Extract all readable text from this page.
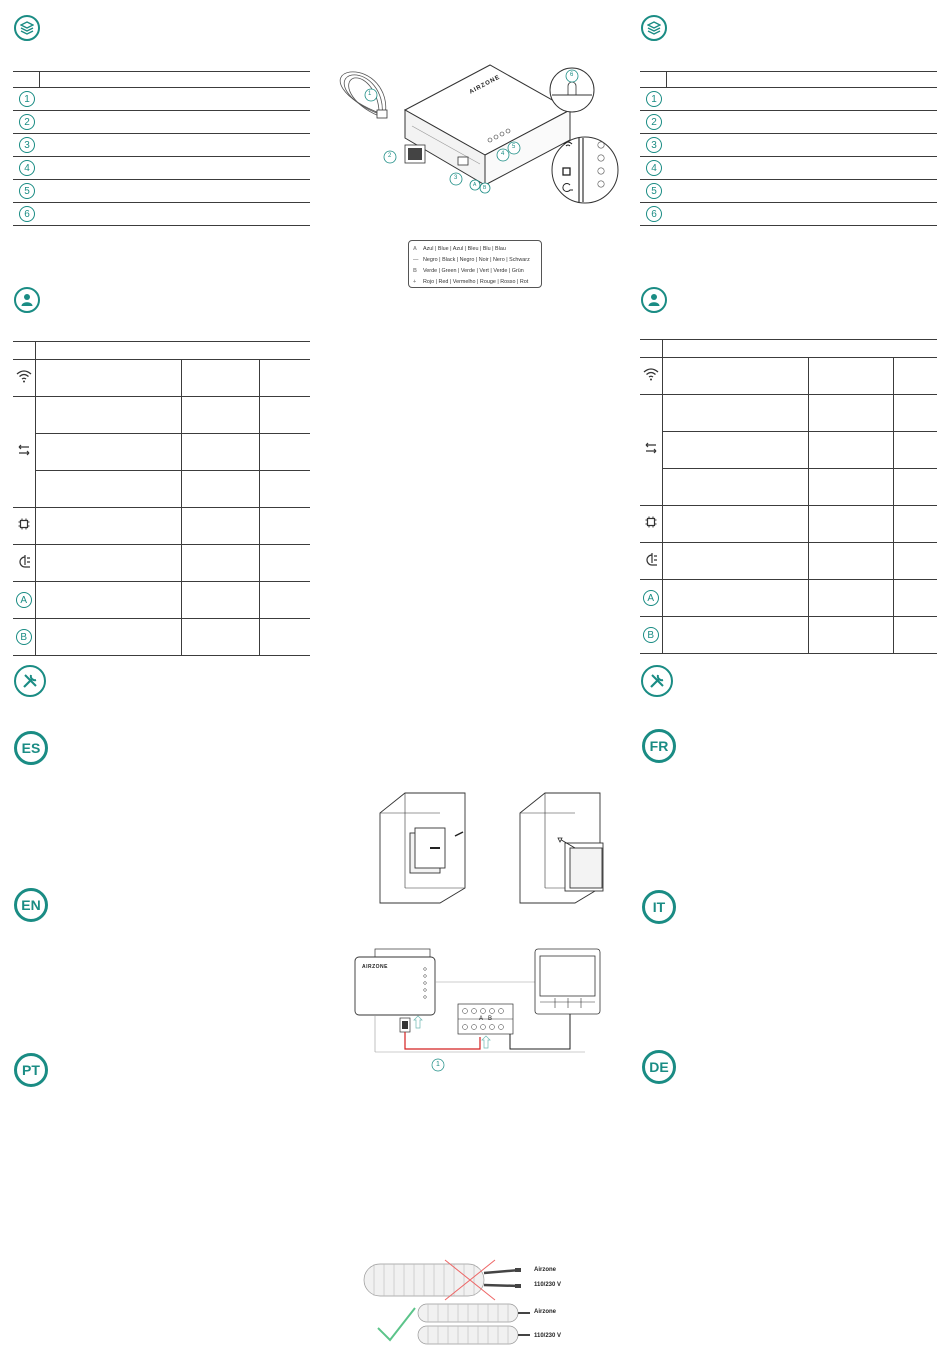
1	

2	

3	

4	

5	

6	

A			

B			

ES
EN
PT

1	

2	

3	

4	

5	

6	

A			

B			

FR
IT
DE
1
2
3
4
5
6
A B
AIRZONE
A	Azul | Blue | Azul | Bleu | Blu | Blau
— Negro | Black | Negro | Noir | Nero | Schwarz
B	Verde | Green | Verde | Vert | Verde | Grün
+	Rojo | Red | Vermelho | Rouge | Rosso | Rot
AIRZONE
A B
1
Airzone
110/230 V
Airzone
110/230 V
